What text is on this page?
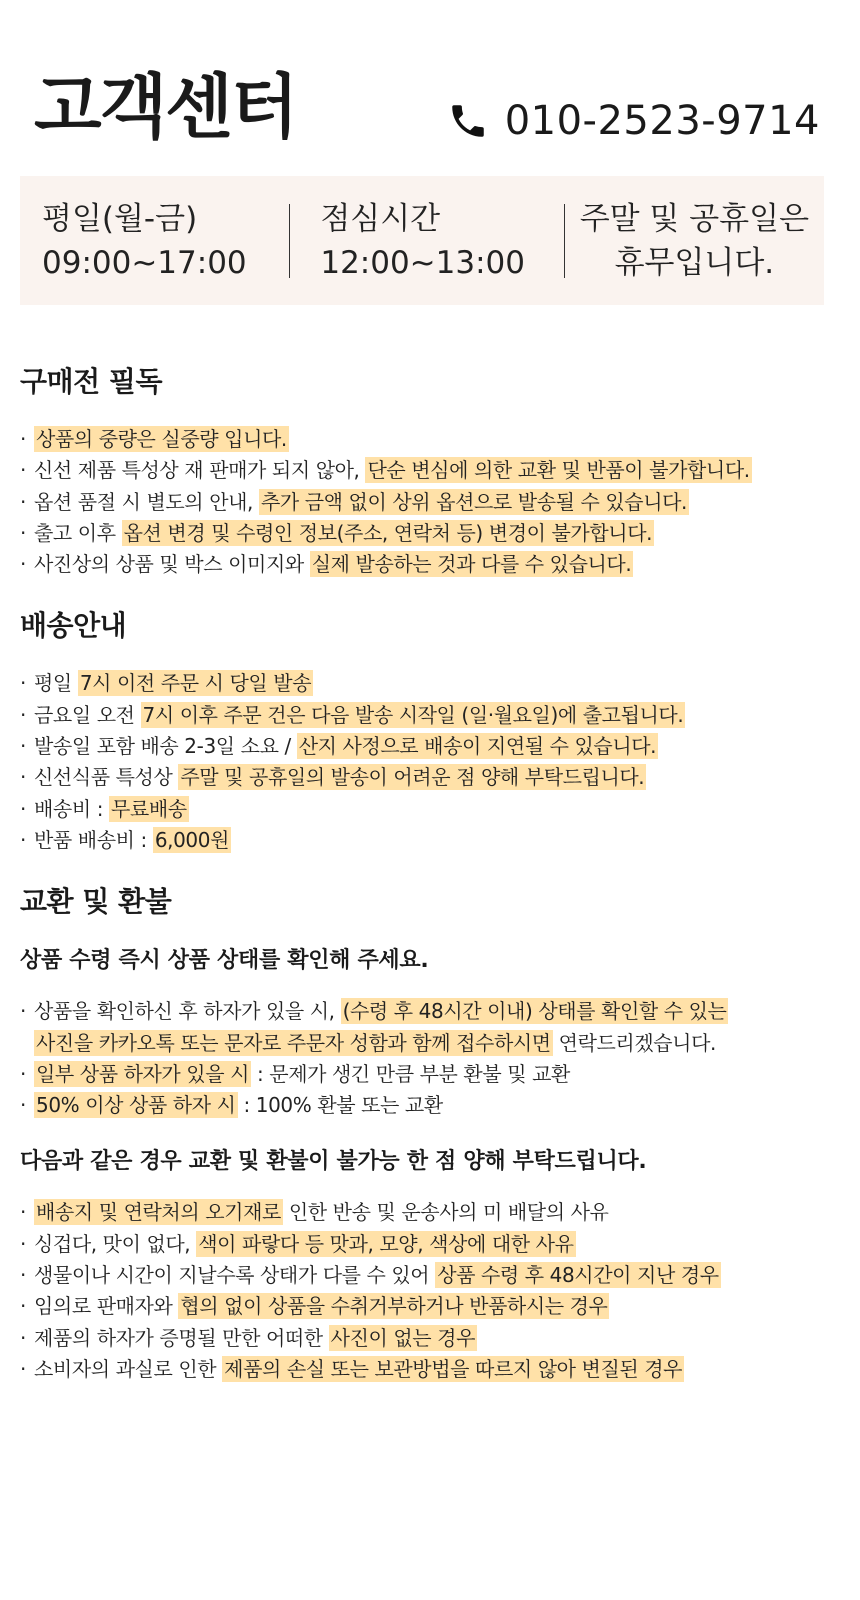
고객센터	010-2523-9714
평일(월-금)
09:00~17:00
점심시간
12:00~13:00
주말 및 공휴일은
휴무입니다.
구매전 필독
· 상품의 중량은 실중량 입니다.
· 신선 제품 특성상 재 판매가 되지 않아, 단순 변심에 의한 교환 및 반품이 불가합니다.
· 옵션 품절 시 별도의 안내, 추가 금액 없이 상위 옵션으로 발송될 수 있습니다.
· 출고 이후 옵션 변경 및 수령인 정보(주소, 연락처 등) 변경이 불가합니다.
· 사진상의 상품 및 박스 이미지와 실제 발송하는 것과 다를 수 있습니다.
배송안내
· 평일 7시 이전 주문 시 당일 발송
· 금요일 오전 7시 이후 주문 건은 다음 발송 시작일 (일·월요일)에 출고됩니다.
· 발송일 포함 배송 2-3일 소요 / 산지 사정으로 배송이 지연될 수 있습니다.
· 신선식품 특성상 주말 및 공휴일의 발송이 어려운 점 양해 부탁드립니다.
· 배송비 : 무료배송
· 반품 배송비 : 6,000원
교환 및 환불
상품 수령 즉시 상품 상태를 확인해 주세요.
· 상품을 확인하신 후 하자가 있을 시, (수령 후 48시간 이내) 상태를 확인할 수 있는
사진을 카카오톡 또는 문자로 주문자 성함과 함께 접수하시면 연락드리겠습니다.
· 일부 상품 하자가 있을 시 : 문제가 생긴 만큼 부분 환불 및 교환
· 50% 이상 상품 하자 시 : 100% 환불 또는 교환
다음과 같은 경우 교환 및 환불이 불가능 한 점 양해 부탁드립니다.
· 배송지 및 연락처의 오기재로 인한 반송 및 운송사의 미 배달의 사유
· 싱겁다, 맛이 없다, 색이 파랗다 등 맛과, 모양, 색상에 대한 사유
· 생물이나 시간이 지날수록 상태가 다를 수 있어 상품 수령 후 48시간이 지난 경우
· 임의로 판매자와 협의 없이 상품을 수취거부하거나 반품하시는 경우
· 제품의 하자가 증명될 만한 어떠한 사진이 없는 경우
· 소비자의 과실로 인한 제품의 손실 또는 보관방법을 따르지 않아 변질된 경우
